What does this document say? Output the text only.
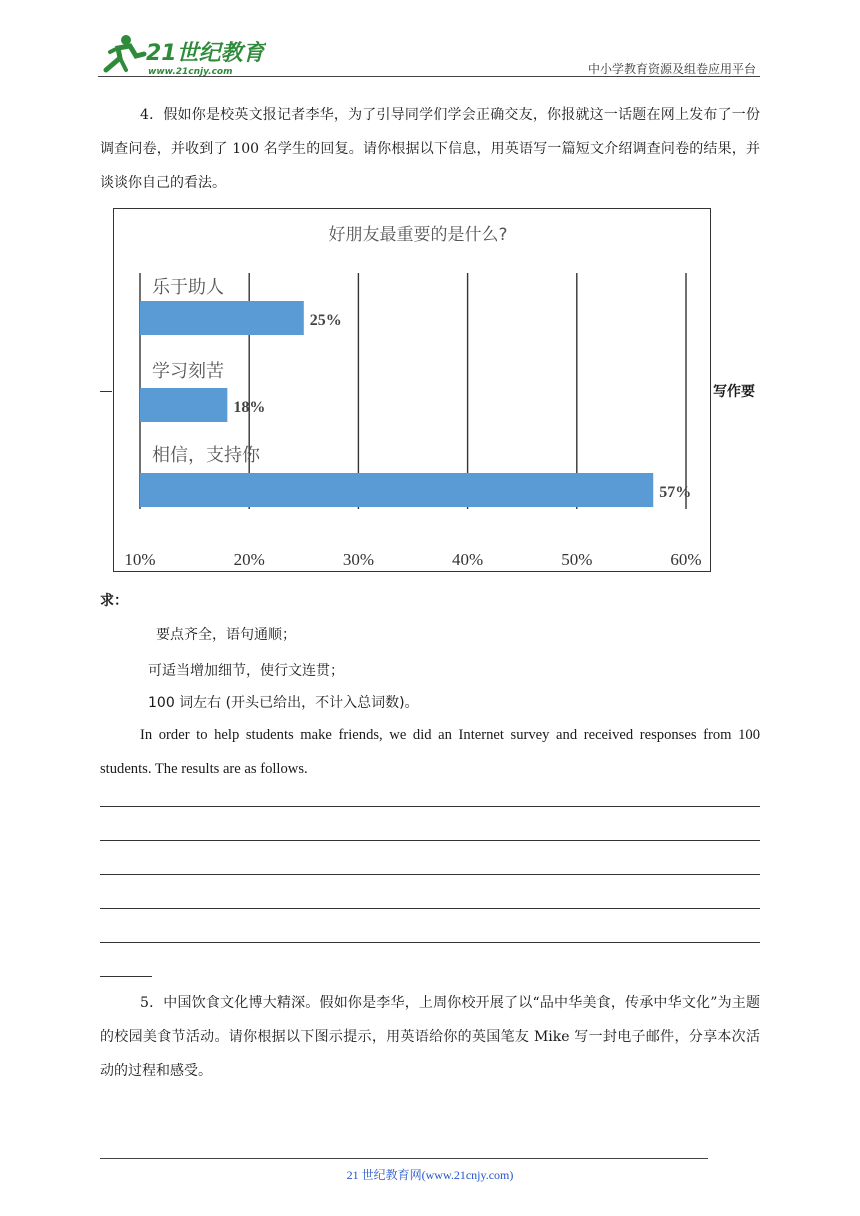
21世纪教育
www.21cnjy.com	中小学教育资源及组卷应用平台
4．假如你是校英文报记者李华，为了引导同学们学会正确交友，你报就这一话题在网上发布了一份调查问卷，并收到了 100 名学生的回复。请你根据以下信息，用英语写一篇短文介绍调查问卷的结果，并谈谈你自己的看法。
好朋友最重要的是什么?
乐于助人
25%
学习刻苦
18%
相信，支持你
57%
10%	20%	30%	40%	50%	60%
写作要
求：
要点齐全，语句通顺；
可适当增加细节，使行文连贯；
100 词左右 (开头已给出，不计入总词数)。
In order to help students make friends, we did an Internet survey and received responses from 100 students. The results are as follows.
5．中国饮食文化博大精深。假如你是李华，上周你校开展了以“品中华美食，传承中华文化”为主题的校园美食节活动。请你根据以下图示提示，用英语给你的英国笔友 Mike 写一封电子邮件，分享本次活动的过程和感受。
21 世纪教育网(www.21cnjy.com)
